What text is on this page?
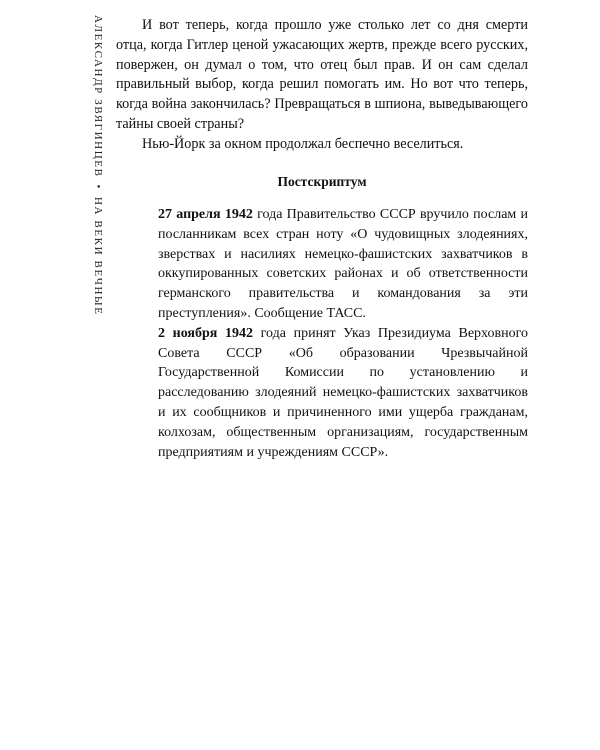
АЛЕКСАНДР ЗВЯГИНЦЕВ•НА ВЕКИ ВЕЧНЫЕ

И вот теперь, когда прошло уже столько лет со дня смерти отца, когда Гитлер ценой ужасающих жертв, прежде всего русских, повержен, он думал о том, что отец был прав. И он сам сделал правильный выбор, когда решил помогать им. Но вот что теперь, когда война закончилась? Превращаться в шпиона, выведывающего тайны своей страны?

Нью-Йорк за окном продолжал беспечно веселиться.

Постскриптум

27 апреля 1942 года Правительство СССР вручило послам и посланникам всех стран ноту «О чудовищных злодеяниях, зверствах и насилиях немецко-фашистских захватчиков в оккупированных советских районах и об ответственности германского правительства и командования за эти преступления». Сообщение ТАСС.

2 ноября 1942 года принят Указ Президиума Верховного Совета СССР «Об образовании Чрезвычайной Государственной Комиссии по установлению и расследованию злодеяний немецко-фашистских захватчиков и их сообщников и причиненного ими ущерба гражданам, колхозам, общественным организациям, государственным предприятиям и учреждениям СССР».
